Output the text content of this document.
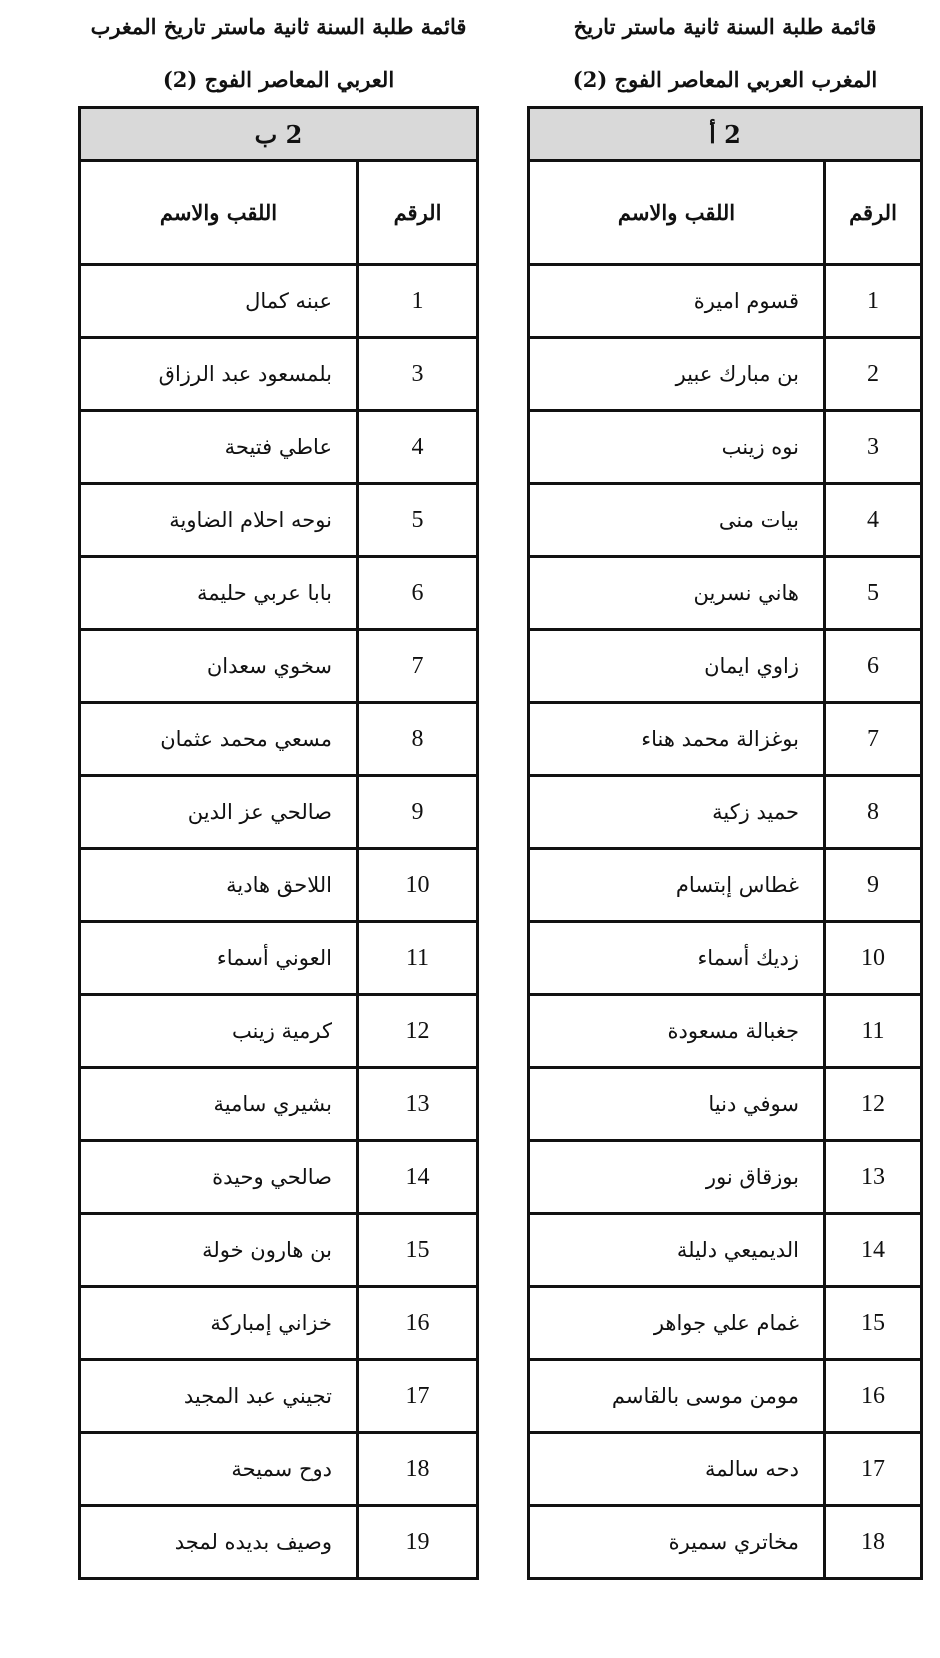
قائمة طلبة السنة ثانية ماستر تاريخ
المغرب العربي المعاصر الفوج (2)
2 أ	
الرقم	اللقب والاسم
1	قسوم اميرة
2	بن مبارك عبير
3	نوه زينب
4	بيات منى
5	هاني نسرين
6	زاوي ايمان
7	بوغزالة محمد هناء
8	حميد زكية
9	غطاس إبتسام
10	زديك أسماء
11	جغبالة مسعودة
12	سوفي دنيا
13	بوزقاق نور
14	الديميعي دليلة
15	غمام علي جواهر
16	مومن موسى بالقاسم
17	دحه سالمة
18	مخاتري سميرة
قائمة طلبة السنة ثانية ماستر تاريخ المغرب
العربي المعاصر الفوج (2)
2 ب	
الرقم	اللقب والاسم
1	عبنه كمال
3	بلمسعود عبد الرزاق
4	عاطي فتيحة
5	نوحه احلام الضاوية
6	بابا عربي حليمة
7	سخوي سعدان
8	مسعي محمد عثمان
9	صالحي عز الدين
10	اللاحق هادية
11	العوني أسماء
12	كرمية زينب
13	بشيري سامية
14	صالحي وحيدة
15	بن هارون خولة
16	خزاني إمباركة
17	تجيني عبد المجيد
18	دوح سميحة
19	وصيف بديده لمجد
